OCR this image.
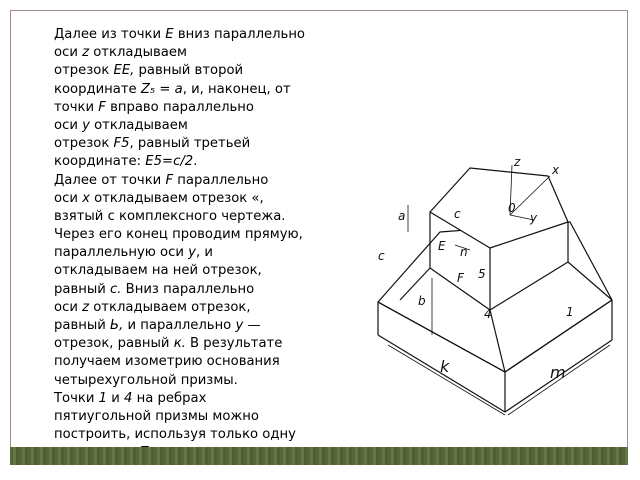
Далее из точки E вниз параллельно
оси z откладываем
отрезок EE, равный второй
координате Z₅ = a, и, наконец, от
точки F вправо параллельно
оси y откладываем
отрезок F5, равный третьей
координате: E5=c/2.
Далее от точки F параллельно
оси x откладываем отрезок «,
взятый с комплексного чертежа.
Через его конец проводим прямую,
параллельную оси у, и
откладываем на ней отрезок,
равный с. Вниз параллельно
оси z откладываем отрезок,
равный Ь, и параллельно у —
отрезок, равный к. В результате
получаем изометрию основания
четырехугольной призмы.
Точки 1 и 4 на ребрах
пятиугольной призмы можно
построить, используя только одну
z
x
y
0
a	c
n
c
E
F 5
b
4	1
k	m
